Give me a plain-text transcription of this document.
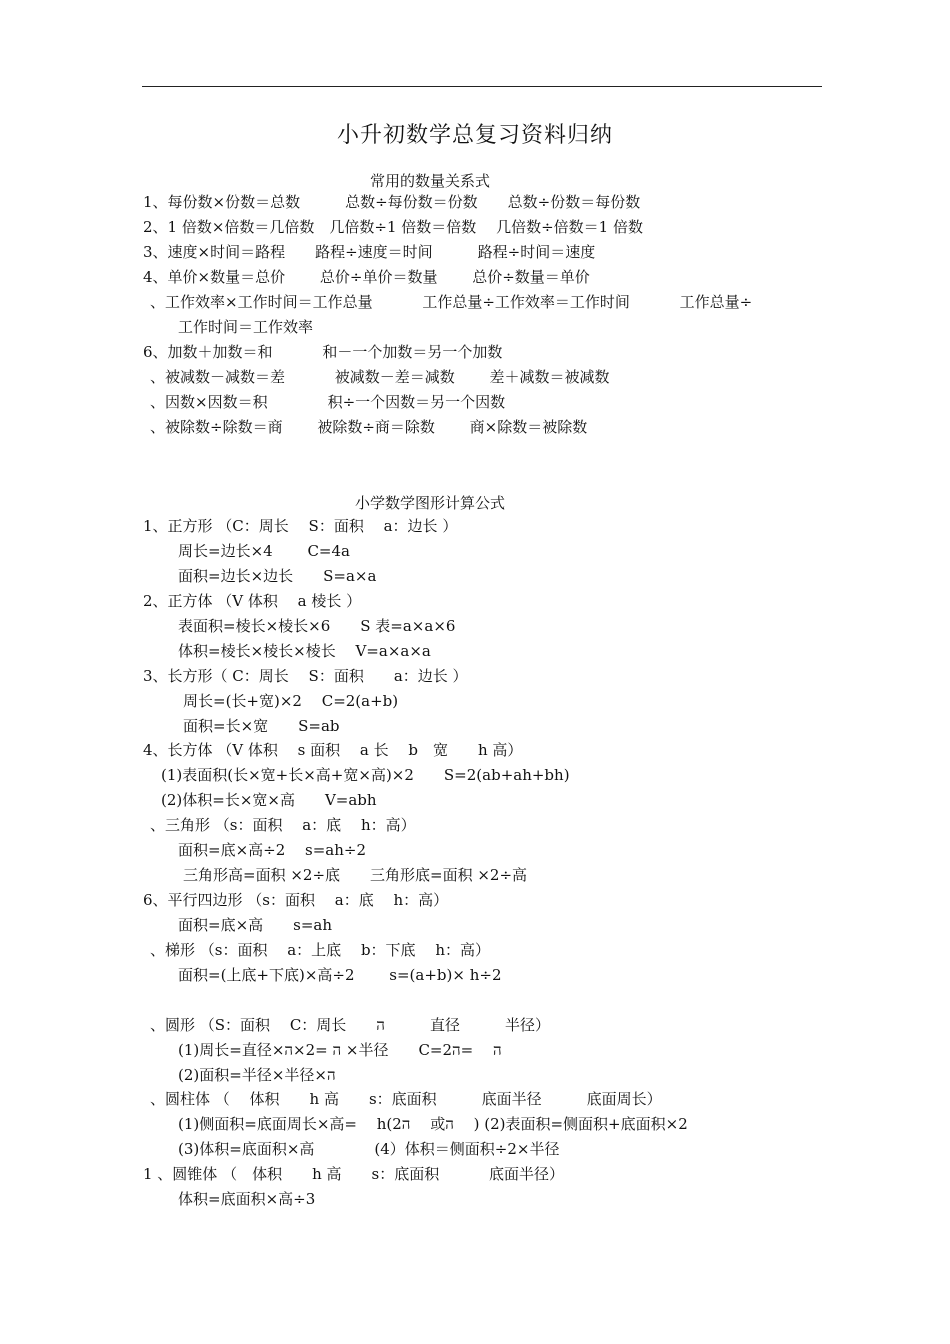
小升初数学总复习资料归纳
常用的数量关系式
1、每份数×份数＝总数　　　总数÷每份数＝份数　　总数÷份数＝每份数
2、1 倍数×倍数＝几倍数　几倍数÷1 倍数＝倍数　 几倍数÷倍数＝1 倍数
3、速度×时间＝路程　　路程÷速度＝时间　　　路程÷时间＝速度
4、单价×数量＝总价　　 总价÷单价＝数量　　 总价÷数量＝单价
、工作效率×工作时间＝工作总量　　　 工作总量÷工作效率＝工作时间　　　 工作总量÷
工作时间＝工作效率
6、加数＋加数＝和　　　 和－一个加数＝另一个加数
、被减数－减数＝差　　　 被减数－差＝减数　　 差＋减数＝被减数
、因数×因数＝积　　　　积÷一个因数＝另一个因数
、被除数÷除数＝商　　 被除数÷商＝除数　　 商×除数＝被除数
小学数学图形计算公式
1、正方形 （C：周长　 S：面积　 a：边长 ）
周长=边长×4　　 C=4a
面积=边长×边长　　S=a×a
2、正方体 （V 体积　 a 棱长 ）
表面积=棱长×棱长×6　　S 表=a×a×6
体积=棱长×棱长×棱长　 V=a×a×a
3、长方形（ C：周长　 S：面积　　a：边长 ）
周长=(长+宽)×2　 C=2(a+b)
面积=长×宽　　S=ab
4、长方体 （V 体积　 s 面积　 a 长　 b　宽　　h 高）
(1)表面积(长×宽+长×高+宽×高)×2　　S=2(ab+ah+bh)
(2)体积=长×宽×高　　V=abh
、三角形 （s：面积　 a：底　 h：高）
面积=底×高÷2　 s=ah÷2
三角形高=面积 ×2÷底　　三角形底=面积 ×2÷高
6、平行四边形 （s：面积　 a：底　 h：高）
面积=底×高　　s=ah
、梯形 （s：面积　 a：上底　 b：下底　 h：高）
面积=(上底+下底)×高÷2　　 s=(a+b)× h÷2
、圆形 （S：面积　 C：周长　　ה　　　直径　　　半径）
(1)周长=直径×ה =2×ה ×半径　　C=ה　 =ה2
(2)面积=半径×半径×ה
、圆柱体 （　 体积　　h 高　　s：底面积　　　底面半径　　　底面周长）
(1)侧面积=底面周长×高=　 h(ה2　 或ה　 ) (2)表面积=侧面积+底面积×2
(3)体积=底面积×高　　　　(4）体积＝侧面积÷2×半径
1 、圆锥体 （　体积　　h 高　　s：底面积　　　 底面半径）
体积=底面积×高÷3
